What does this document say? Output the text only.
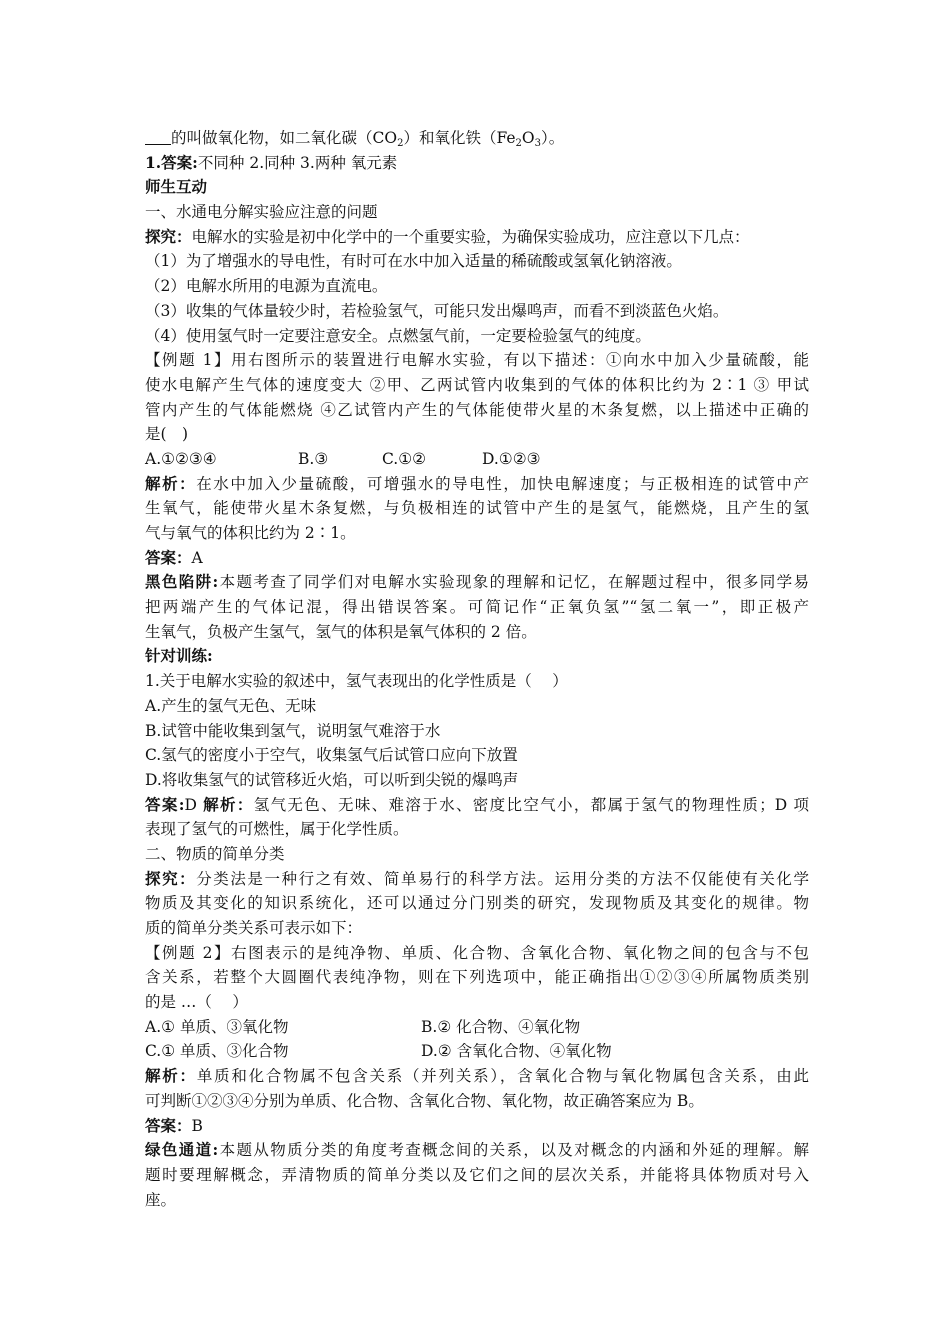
的叫做氧化物，如二氧化碳$(CO_2)$和氧化铁$(Fe_2O_3)$。
1.答案:不同种 2.同种 3.两种 氧元素
师生互动
一、水通电分解实验应注意的问题
探究：电解水的实验是初中化学中的一个重要实验，为确保实验成功，应注意以下几点：
（1）为了增强水的导电性，有时可在水中加入适量的稀硫酸或氢氧化钠溶液。
（2）电解水所用的电源为直流电。
（3）收集的气体量较少时，若检验氢气，可能只发出爆鸣声，而看不到淡蓝色火焰。
（4）使用氢气时一定要注意安全。点燃氢气前，一定要检验氢气的纯度。
【例题 1】用右图所示的装置进行电解水实验，有以下描述：①向水中加入少量硫酸，能
使水电解产生气体的速度变大 ②甲、乙两试管内收集到的气体的体积比约为 2∶1 ③ 甲试
管内产生的气体能燃烧 ④乙试管内产生的气体能使带火星的木条复燃，以上描述中正确的
是(　)
A.①②③④	B.③	C.①②	D.①②③
解析：在水中加入少量硫酸，可增强水的导电性，加快电解速度；与正极相连的试管中产
生氧气，能使带火星木条复燃，与负极相连的试管中产生的是氢气，能燃烧，且产生的氢
气与氧气的体积比约为 2∶1。
答案：A
黑色陷阱:本题考查了同学们对电解水实验现象的理解和记忆，在解题过程中，很多同学易
把两端产生的气体记混，得出错误答案。可简记作“正氧负氢”“氢二氧一”，即正极产
生氧气，负极产生氢气，氢气的体积是氧气体积的 2 倍。
针对训练:
1.关于电解水实验的叙述中，氢气表现出的化学性质是（　 ）
A.产生的氢气无色、无味
B.试管中能收集到氢气，说明氢气难溶于水
C.氢气的密度小于空气，收集氢气后试管口应向下放置
D.将收集氢气的试管移近火焰，可以听到尖锐的爆鸣声
答案:D 解析：氢气无色、无味、难溶于水、密度比空气小，都属于氢气的物理性质；D 项
表现了氢气的可燃性，属于化学性质。
二、物质的简单分类
探究：分类法是一种行之有效、简单易行的科学方法。运用分类的方法不仅能使有关化学
物质及其变化的知识系统化，还可以通过分门别类的研究，发现物质及其变化的规律。物
质的简单分类关系可表示如下：
【例题 2】右图表示的是纯净物、单质、化合物、含氧化合物、氧化物之间的包含与不包
含关系，若整个大圆圈代表纯净物，则在下列选项中，能正确指出①②③④所属物质类别
的是 …（　 ）
A.① 单质、③氧化物	B.② 化合物、④氧化物
C.① 单质、③化合物	D.② 含氧化合物、④氧化物
解析：单质和化合物属不包含关系（并列关系），含氧化合物与氧化物属包含关系，由此
可判断①②③④分别为单质、化合物、含氧化合物、氧化物，故正确答案应为 B。
答案：B
绿色通道:本题从物质分类的角度考查概念间的关系，以及对概念的内涵和外延的理解。解
题时要理解概念，弄清物质的简单分类以及它们之间的层次关系，并能将具体物质对号入
座。
